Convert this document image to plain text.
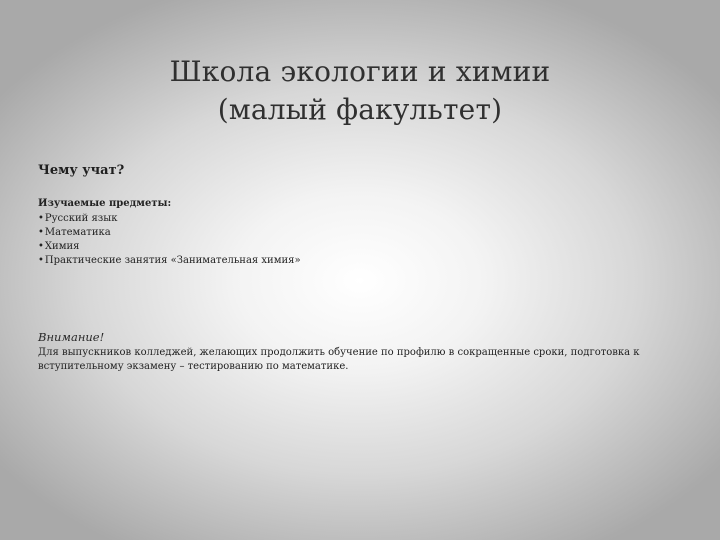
Школа экологии и химии
(малый факультет)
Чему учат?
Изучаемые предметы:
• Русский язык
• Математика
• Химия
• Практические занятия «Занимательная химия»
Внимание!
Для выпускников колледжей, желающих продолжить обучение по профилю в сокращенные сроки, подготовка к вступительному экзамену – тестированию по математике.
